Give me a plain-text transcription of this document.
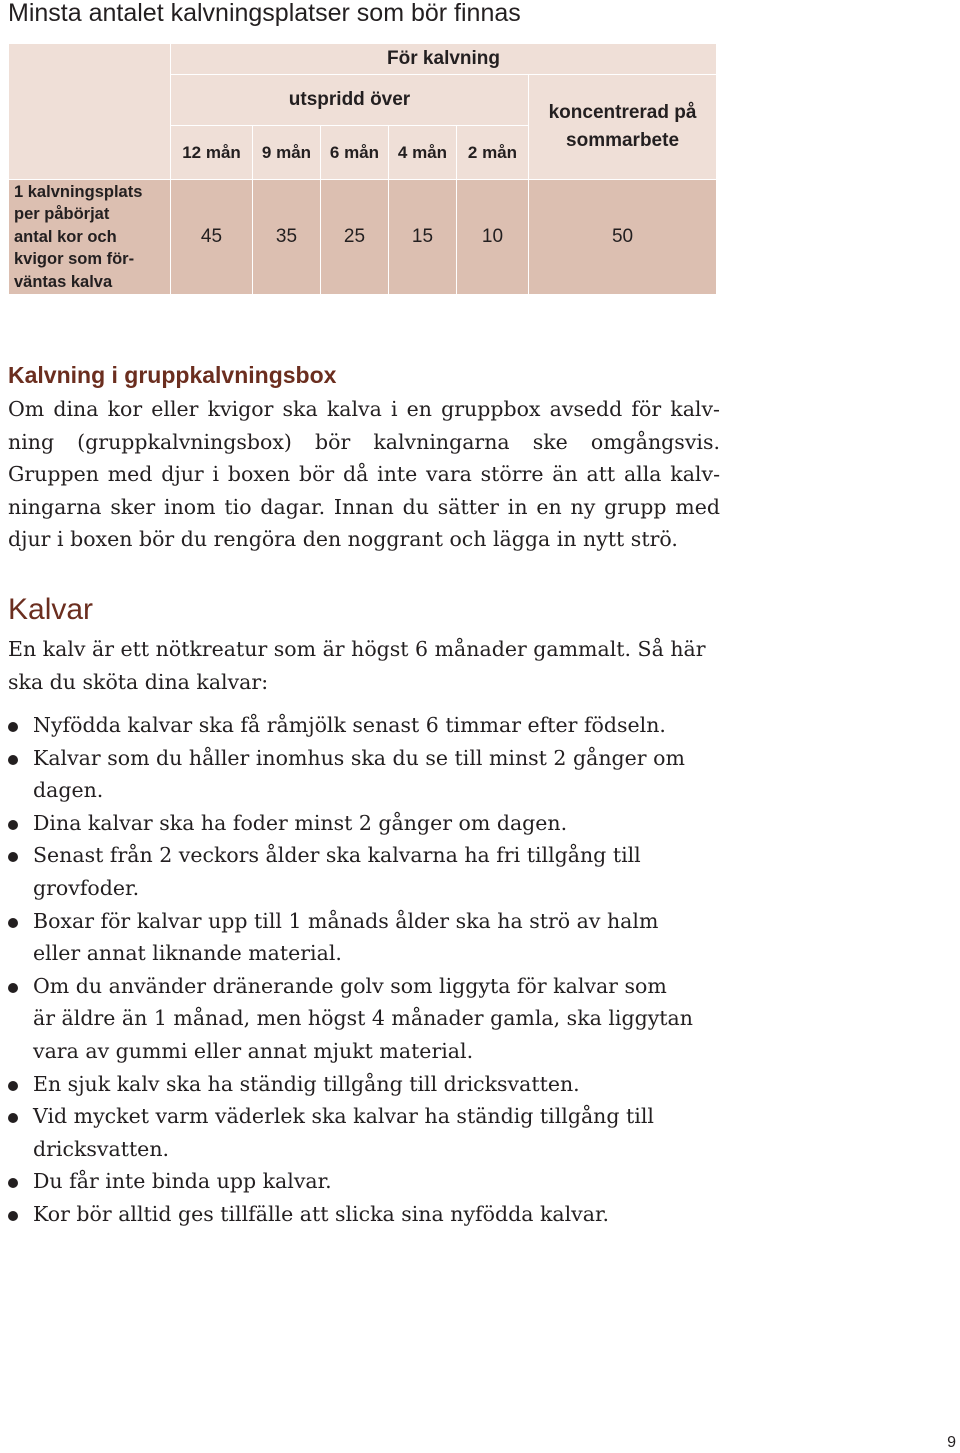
Minsta antalet kalvningsplatser som bör finnas
	För kalvning					
	utspridd över					koncentrerad på sommarbete
	12 mån	9 mån	6 mån	4 mån	2 mån	

1 kalvningsplats
per påbörjat
antal kor och
kvigor som för-
väntas kalva	45	35	25	15	10	50
Kalvning i gruppkalvningsbox
Om dina kor eller kvigor ska kalva i en gruppbox avsedd för kalv-
ning (gruppkalvningsbox) bör kalvningarna ske omgångsvis.
Gruppen med djur i boxen bör då inte vara större än att alla kalv-
ningarna sker inom tio dagar. Innan du sätter in en ny grupp med
djur i boxen bör du rengöra den noggrant och lägga in nytt strö.
Kalvar
En kalv är ett nötkreatur som är högst 6 månader gammalt. Så här
ska du sköta dina kalvar:
Nyfödda kalvar ska få råmjölk senast 6 timmar efter födseln.
Kalvar som du håller inomhus ska du se till minst 2 gånger om
dagen.
Dina kalvar ska ha foder minst 2 gånger om dagen.
Senast från 2 veckors ålder ska kalvarna ha fri tillgång till
grovfoder.
Boxar för kalvar upp till 1 månads ålder ska ha strö av halm
eller annat liknande material.
Om du använder dränerande golv som liggyta för kalvar som
är äldre än 1 månad, men högst 4 månader gamla, ska liggytan
vara av gummi eller annat mjukt material.
En sjuk kalv ska ha ständig tillgång till dricksvatten.
Vid mycket varm väderlek ska kalvar ha ständig tillgång till
dricksvatten.
Du får inte binda upp kalvar.
Kor bör alltid ges tillfälle att slicka sina nyfödda kalvar.
9
